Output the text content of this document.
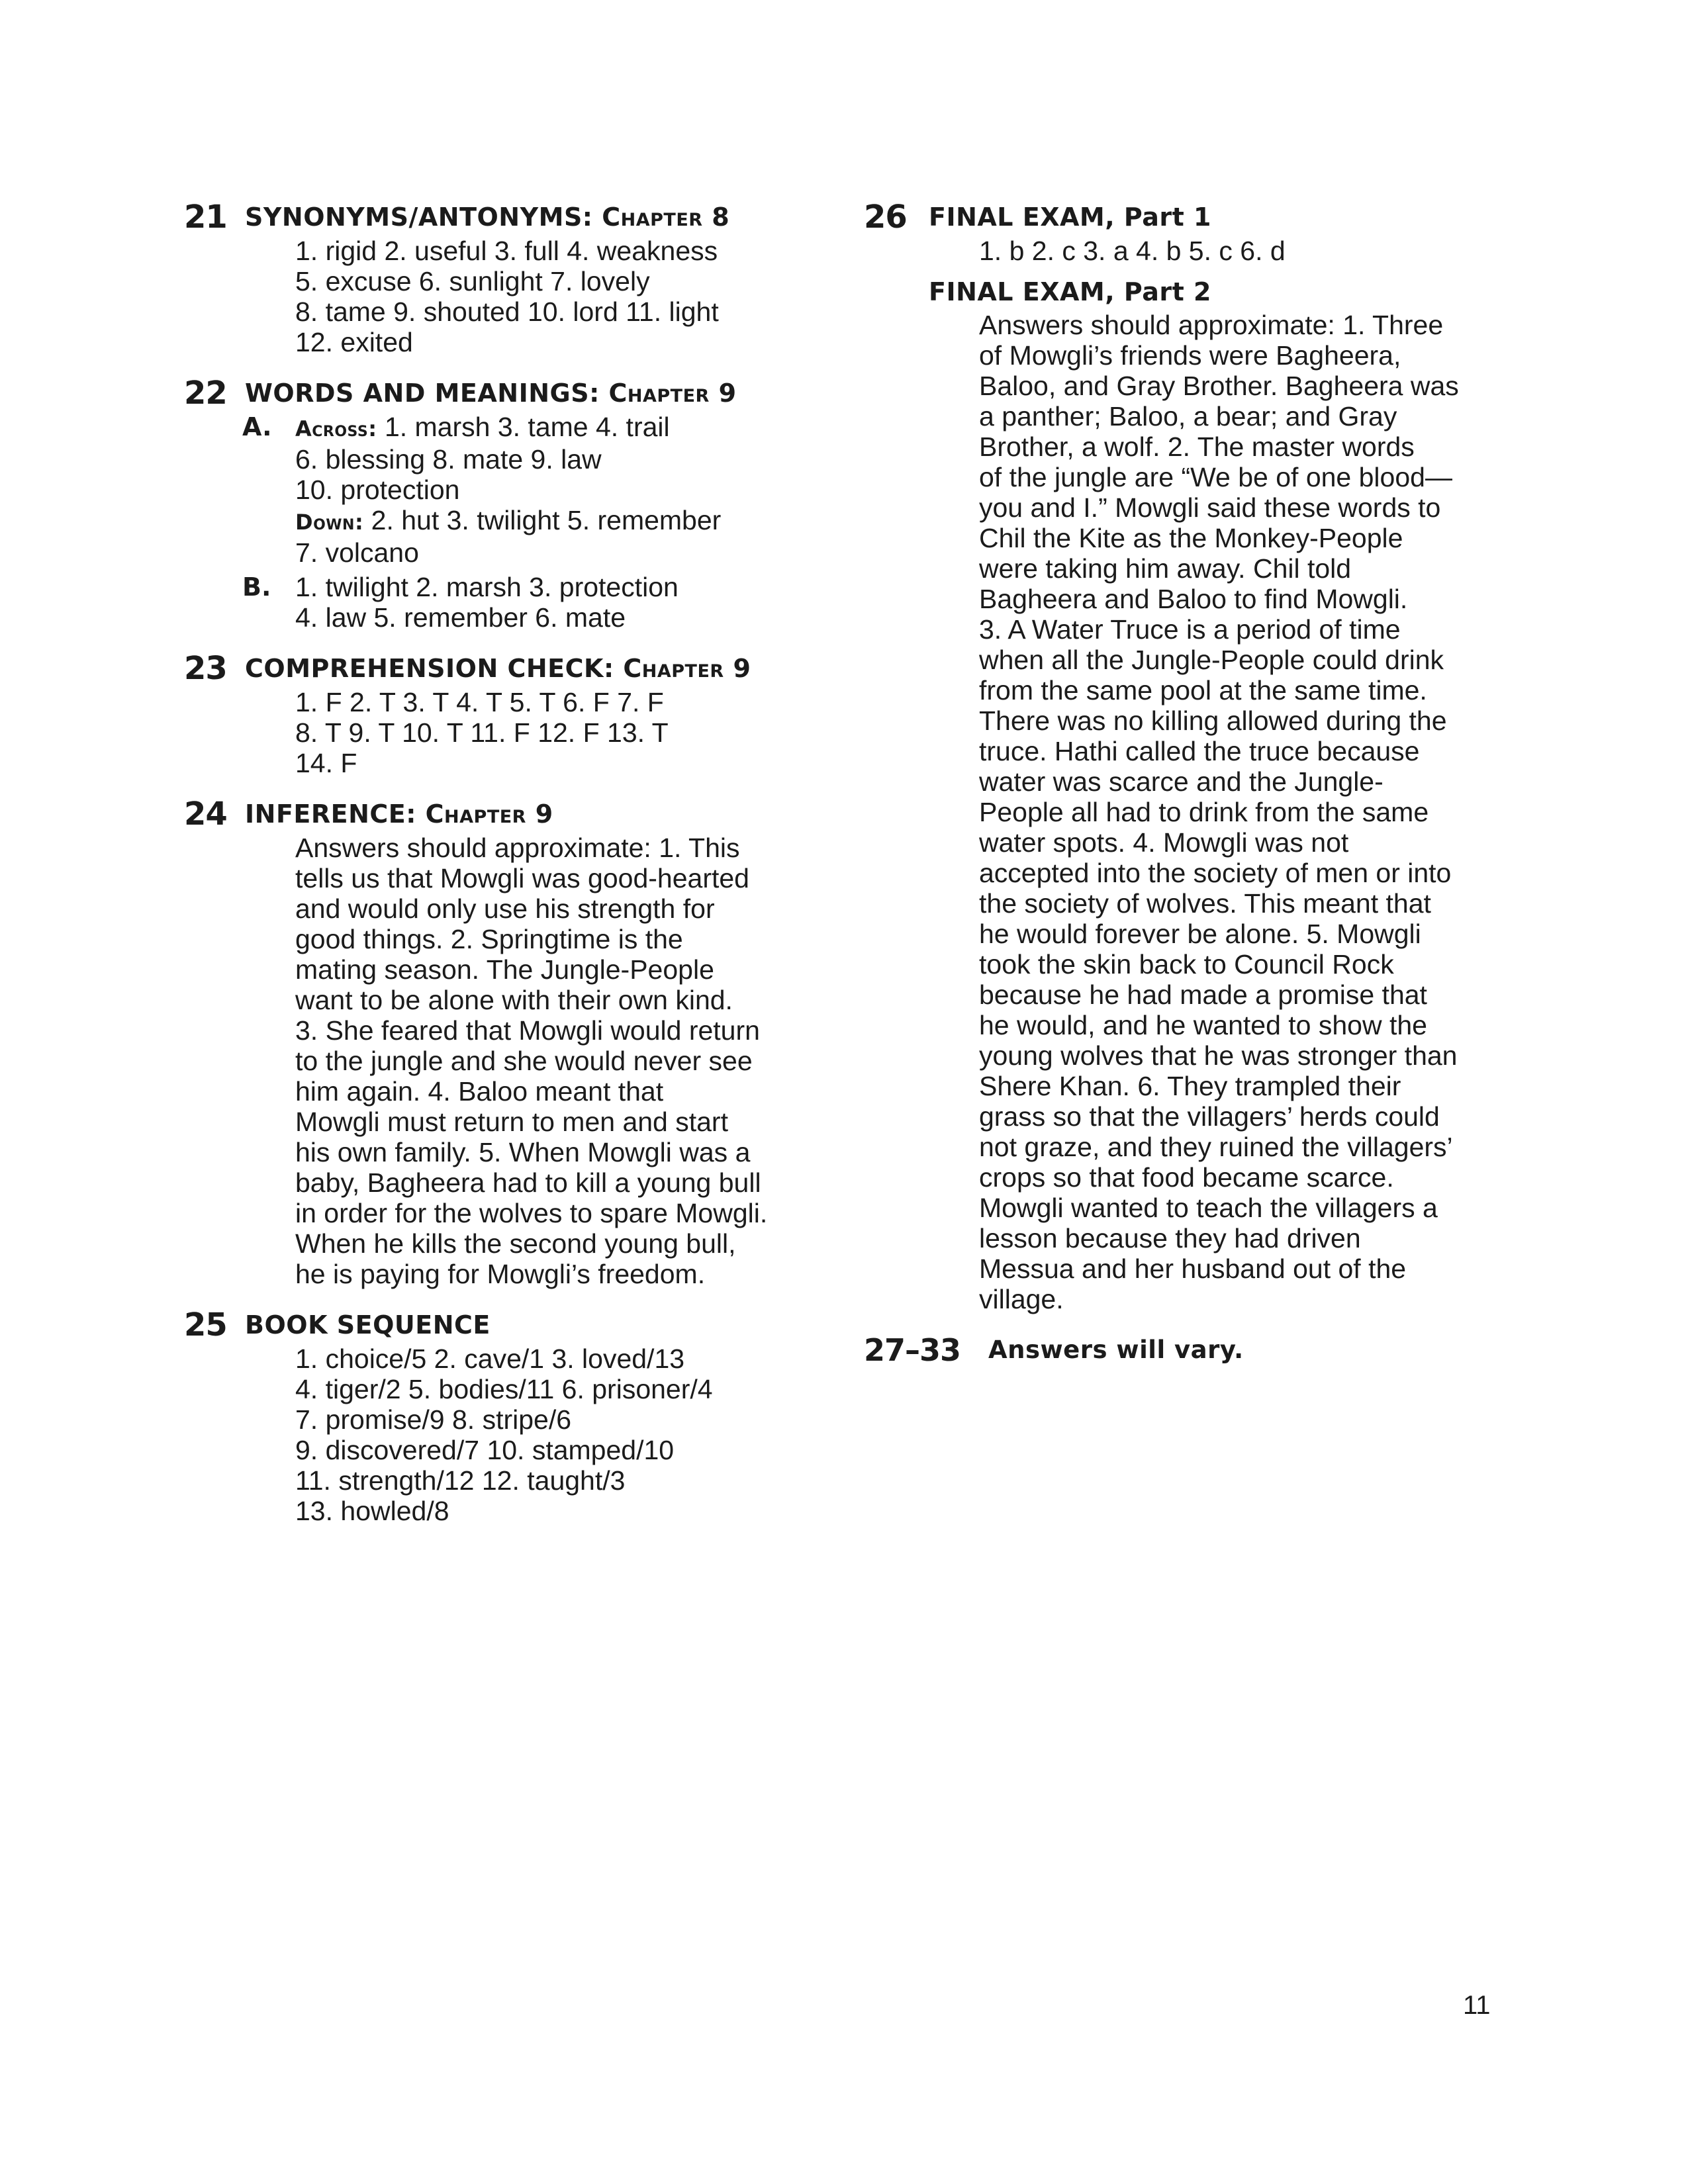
21 SYNONYMS/ANTONYMS: Chapter 8
1. rigid 2. useful 3. full 4. weakness
5. excuse 6. sunlight 7. lovely
8. tame 9. shouted 10. lord 11. light
12. exited
22 WORDS AND MEANINGS: Chapter 9
A. Across: 1. marsh 3. tame 4. trail
6. blessing 8. mate 9. law
10. protection
Down: 2. hut 3. twilight 5. remember
7. volcano
B. 1. twilight 2. marsh 3. protection
4. law 5. remember 6. mate
23 COMPREHENSION CHECK: Chapter 9
1. F 2. T 3. T 4. T 5. T 6. F 7. F
8. T 9. T 10. T 11. F 12. F 13. T
14. F
24 INFERENCE: Chapter 9
Answers should approximate: 1. This
tells us that Mowgli was good-hearted
and would only use his strength for
good things. 2. Springtime is the
mating season. The Jungle-People
want to be alone with their own kind.
3. She feared that Mowgli would return
to the jungle and she would never see
him again. 4. Baloo meant that
Mowgli must return to men and start
his own family. 5. When Mowgli was a
baby, Bagheera had to kill a young bull
in order for the wolves to spare Mowgli.
When he kills the second young bull,
he is paying for Mowgli’s freedom.
25 BOOK SEQUENCE
1. choice/5 2. cave/1 3. loved/13
4. tiger/2 5. bodies/11 6. prisoner/4
7. promise/9 8. stripe/6
9. discovered/7 10. stamped/10
11. strength/12 12. taught/3
13. howled/8
26 FINAL EXAM, Part 1
1. b 2. c 3. a 4. b 5. c 6. d
FINAL EXAM, Part 2
Answers should approximate: 1. Three
of Mowgli’s friends were Bagheera,
Baloo, and Gray Brother. Bagheera was
a panther; Baloo, a bear; and Gray
Brother, a wolf. 2. The master words
of the jungle are “We be of one blood—
you and I.” Mowgli said these words to
Chil the Kite as the Monkey-People
were taking him away. Chil told
Bagheera and Baloo to find Mowgli.
3. A Water Truce is a period of time
when all the Jungle-People could drink
from the same pool at the same time.
There was no killing allowed during the
truce. Hathi called the truce because
water was scarce and the Jungle-
People all had to drink from the same
water spots. 4. Mowgli was not
accepted into the society of men or into
the society of wolves. This meant that
he would forever be alone. 5. Mowgli
took the skin back to Council Rock
because he had made a promise that
he would, and he wanted to show the
young wolves that he was stronger than
Shere Khan. 6. They trampled their
grass so that the villagers’ herds could
not graze, and they ruined the villagers’
crops so that food became scarce.
Mowgli wanted to teach the villagers a
lesson because they had driven
Messua and her husband out of the
village.
27–33 Answers will vary.
11
